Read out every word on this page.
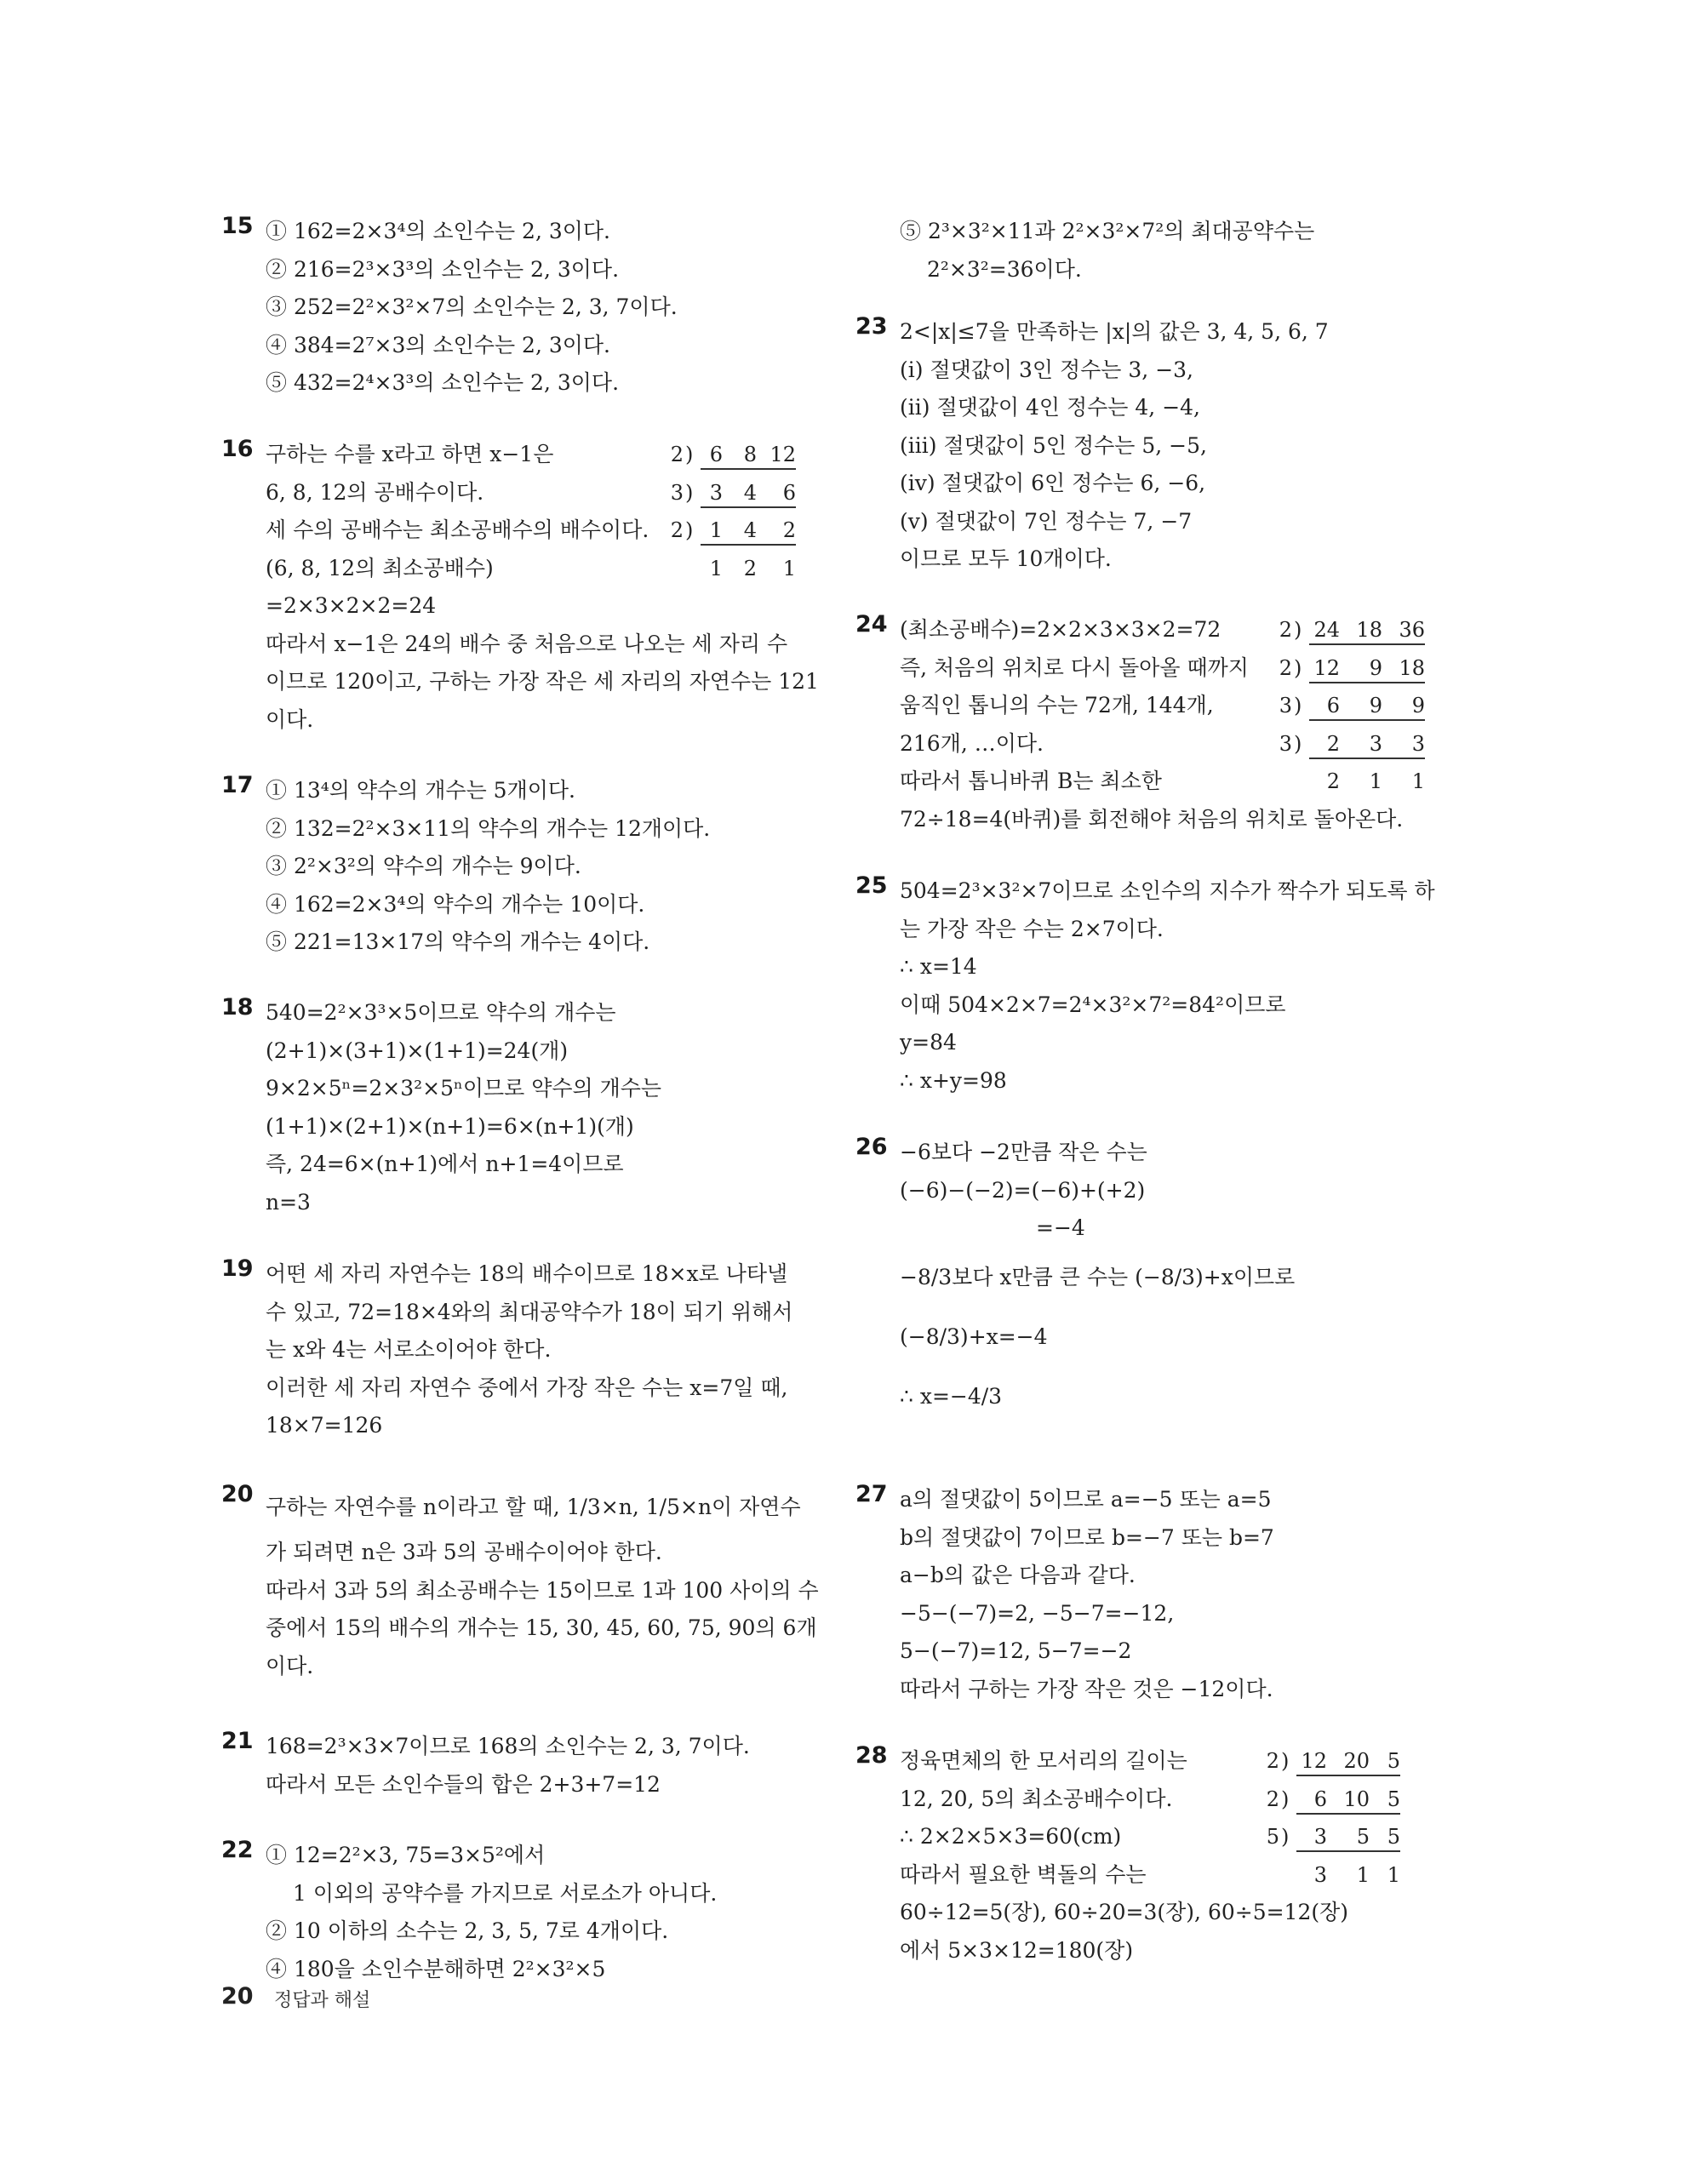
15 ① 162=2×3⁴의 소인수는 2, 3이다.
② 216=2³×3³의 소인수는 2, 3이다.
③ 252=2²×3²×7의 소인수는 2, 3, 7이다.
④ 384=2⁷×3의 소인수는 2, 3이다.
⑤ 432=2⁴×3³의 소인수는 2, 3이다.
16 구하는 수를 x라고 하면 x−1은
6, 8, 12의 공배수이다.
세 수의 공배수는 최소공배수의 배수이다.
(6, 8, 12의 최소공배수)
=2×3×2×2=24
따라서 x−1은 24의 배수 중 처음으로 나오는 세 자리 수
이므로 120이고, 구하는 가장 작은 세 자리의 자연수는 121
이다.
2 ) 6	8 12
3 ) 3	4	6
2 ) 1	4	2
1	2	1
17 ① 13⁴의 약수의 개수는 5개이다.
② 132=2²×3×11의 약수의 개수는 12개이다.
③ 2²×3²의 약수의 개수는 9이다.
④ 162=2×3⁴의 약수의 개수는 10이다.
⑤ 221=13×17의 약수의 개수는 4이다.
18 540=2²×3³×5이므로 약수의 개수는
(2+1)×(3+1)×(1+1)=24(개)
9×2×5ⁿ=2×3²×5ⁿ이므로 약수의 개수는
(1+1)×(2+1)×(n+1)=6×(n+1)(개)
즉, 24=6×(n+1)에서 n+1=4이므로
n=3
19 어떤 세 자리 자연수는 18의 배수이므로 18×x로 나타낼
수 있고, 72=18×4와의 최대공약수가 18이 되기 위해서
는 x와 4는 서로소이어야 한다.
이러한 세 자리 자연수 중에서 가장 작은 수는 x=7일 때,
18×7=126
20 구하는 자연수를 n이라고 할 때, 1/3×n, 1/5×n이 자연수
가 되려면 n은 3과 5의 공배수이어야 한다.
따라서 3과 5의 최소공배수는 15이므로 1과 100 사이의 수
중에서 15의 배수의 개수는 15, 30, 45, 60, 75, 90의 6개
이다.
21 168=2³×3×7이므로 168의 소인수는 2, 3, 7이다.
따라서 모든 소인수들의 합은 2+3+7=12
22 ① 12=2²×3, 75=3×5²에서
1 이외의 공약수를 가지므로 서로소가 아니다.
② 10 이하의 소수는 2, 3, 5, 7로 4개이다.
④ 180을 소인수분해하면 2²×3²×5
⑤ 2³×3²×11과 2²×3²×7²의 최대공약수는
2²×3²=36이다.
23 2<|x|≤7을 만족하는 |x|의 값은 3, 4, 5, 6, 7
(ⅰ) 절댓값이 3인 정수는 3, −3,
(ⅱ) 절댓값이 4인 정수는 4, −4,
(ⅲ) 절댓값이 5인 정수는 5, −5,
(ⅳ) 절댓값이 6인 정수는 6, −6,
(ⅴ) 절댓값이 7인 정수는 7, −7
이므로 모두 10개이다.
24 (최소공배수)=2×2×3×3×2=72
즉, 처음의 위치로 다시 돌아올 때까지
움직인 톱니의 수는 72개, 144개,
216개, …이다.
따라서 톱니바퀴 B는 최소한
72÷18=4(바퀴)를 회전해야 처음의 위치로 돌아온다.
2 ) 24 18 36
2 ) 12	9 18
3 )	6	9	9
3 )	2	3	3
2	1	1
25 504=2³×3²×7이므로 소인수의 지수가 짝수가 되도록 하
는 가장 작은 수는 2×7이다.
∴ x=14
이때 504×2×7=2⁴×3²×7²=84²이므로
y=84
∴ x+y=98
26 −6보다 −2만큼 작은 수는
(−6)−(−2)=(−6)+(+2)
=−4
−8/3보다 x만큼 큰 수는 (−8/3)+x이므로
(−8/3)+x=−4
∴ x=−4/3
27 a의 절댓값이 5이므로 a=−5 또는 a=5
b의 절댓값이 7이므로 b=−7 또는 b=7
a−b의 값은 다음과 같다.
−5−(−7)=2, −5−7=−12,
5−(−7)=12, 5−7=−2
따라서 구하는 가장 작은 것은 −12이다.
28 정육면체의 한 모서리의 길이는
12, 20, 5의 최소공배수이다.
∴ 2×2×5×3=60(cm)
따라서 필요한 벽돌의 수는
60÷12=5(장), 60÷20=3(장), 60÷5=12(장)
에서 5×3×12=180(장)
2 ) 12 20 5
2 )	6 10 5
5 )	3	5 5
3	1 1
20 정답과 해설
